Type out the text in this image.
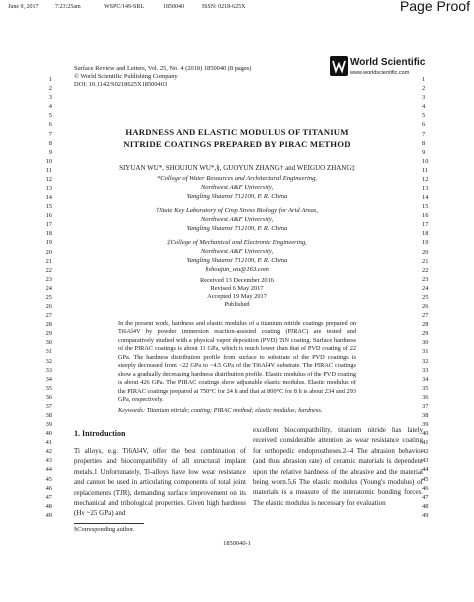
June 9, 2017	7:23:25am	WSPC/149-SRL	1850040	ISSN: 0218-625X	Page Proof
1	1
2	2
3	3
4	4
5	5
6	6
7	7
8	8
9	9
10	10
11	11
12	12
13	13
14	14
15	15
16	16
17	17
18	18
19	19
20	20
21	21
22	22
23	23
24	24
25	25
26	26
27	27
28	28
29	29
30	30
31	31
32	32
33	33
34	34
35	35
36	36
37	37
38	38
39	39
40	40
41	41
42	42
43	43
44	44
45	45
46	46
47	47
48	48
49	49
Surface Review and Letters, Vol. 25, No. 4 (2018) 1850040 (8 pages)
© World Scientific Publishing Company
DOI: 10.1142/S0218625X18500403
World Scientific
www.worldscientific.com
HARDNESS AND ELASTIC MODULUS OF TITANIUM
NITRIDE COATINGS PREPARED BY PIRAC METHOD
SIYUAN WU*, SHOUJUN WU*,§, GUOYUN ZHANG† and WEIGUO ZHANG‡
*College of Water Resources and Architectural Engineering,
Northwest A&F University,
Yangling Shaanxi 712100, P. R. China
†State Key Laboratory of Crop Stress Biology for Arid Areas,
Northwest A&F University,
Yangling Shaanxi 712100, P. R. China
‡College of Mechanical and Electronic Engineering,
Northwest A&F University,
Yangling Shaanxi 712100, P. R. China
§shoujun_wu@163.com
Received 13 December 2016
Revised 6 May 2017
Accepted 19 May 2017
Published
In the present work, hardness and elastic modulus of a titanium nitride coatings prepared on Ti6Al4V by powder immersion reaction-assisted coating (PIRAC) are tested and comparatively studied with a physical vapor deposition (PVD) TiN coating. Surface hardness of the PIRAC coatings is about 11 GPa, which is much lower than that of PVD coating of 22 GPa. The hardness distribution profile from surface to substrate of the PVD coatings is steeply decreased from ~22 GPa to ~4.5 GPa of the Ti6Al4V substrate. The PIRAC coatings show a gradually decreasing hardness distribution profile. Elastic modulus of the PVD coating is about 426 GPa. The PIRAC coatings show adjustable elastic modulus. Elastic modulus of the PIRAC coatings prepared at 750°C for 24 h and that at 800°C for 8 h is about 234 and 293 GPa, respectively.
Keywords: Titanium nitride; coating; PIRAC method; elastic modulus; hardness.
1. Introduction
Ti alloys, e.g. Ti6Al4V, offer the best combination of properties and biocompatibility of all structural implant metals.1 Unfortunately, Ti-alloys have low wear resistance and cannot be used in articulating components of total joint replacements (TJR), demanding surface improvement on its mechanical and tribological properties. Given high hardness (Hv ~25 GPa) and
excellent biocompatibility, titanium nitride has lately received considerable attention as wear resistance coating for orthopedic endoprostheses.2–4 The abrasion behavior (and thus abrasion rate) of ceramic materials is dependent upon the relative hardness of the abrasive and the material being worn.5,6 The elastic modulus (Young's modulus) of materials is a measure of the interatomic bonding forces. The elastic modulus is necessary for evaluation
§Corresponding author.
1850040-1
